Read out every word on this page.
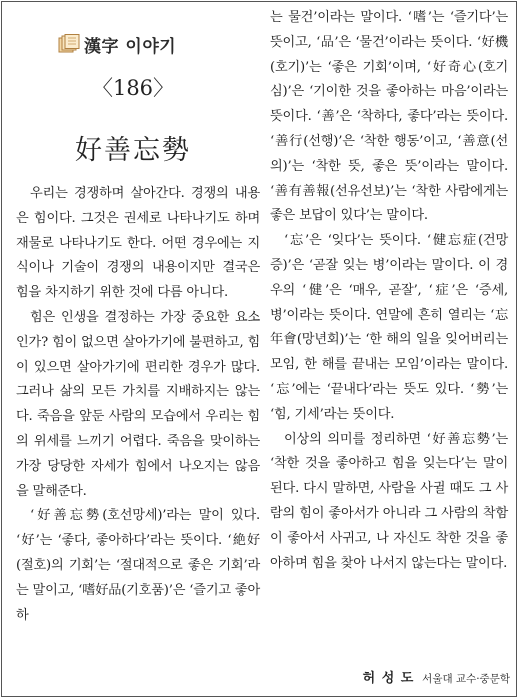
漢字 이야기
〈186〉
好善忘勢

우리는 경쟁하며 살아간다. 경쟁의 내용은 힘이다. 그것은 권세로 나타나기도 하며 재물로 나타나기도 한다. 어떤 경우에는 지식이나 기술이 경쟁의 내용이지만 결국은 힘을 차지하기 위한 것에 다름 아니다.

힘은 인생을 결정하는 가장 중요한 요소인가? 힘이 없으면 살아가기에 불편하고, 힘이 있으면 살아가기에 편리한 경우가 많다. 그러나 삶의 모든 가치를 지배하지는 않는다. 죽음을 앞둔 사람의 모습에서 우리는 힘의 위세를 느끼기 어렵다. 죽음을 맞이하는 가장 당당한 자세가 힘에서 나오지는 않음을 말해준다.

‘好善忘勢(호선망세)’라는 말이 있다. ‘好’는 ‘좋다, 좋아하다’라는 뜻이다. ‘絶好(절호)의 기회’는 ‘절대적으로 좋은 기회’라는 말이고, ‘嗜好品(기호품)’은 ‘즐기고 좋아하

는 물건’이라는 말이다. ‘嗜’는 ‘즐기다’는 뜻이고, ‘品’은 ‘물건’이라는 뜻이다. ‘好機(호기)’는 ‘좋은 기회’이며, ‘好奇心(호기심)’은 ‘기이한 것을 좋아하는 마음’이라는 뜻이다. ‘善’은 ‘착하다, 좋다’라는 뜻이다. ‘善行(선행)’은 ‘착한 행동’이고, ‘善意(선의)’는 ‘착한 뜻, 좋은 뜻’이라는 말이다. ‘善有善報(선유선보)’는 ‘착한 사람에게는 좋은 보답이 있다’는 말이다.

‘忘’은 ‘잊다’는 뜻이다. ‘健忘症(건망증)’은 ‘곧잘 잊는 병’이라는 말이다. 이 경우의 ‘健’은 ‘매우, 곧잘’, ‘症’은 ‘증세, 병’이라는 뜻이다. 연말에 흔히 열리는 ‘忘年會(망년회)’는 ‘한 해의 일을 잊어버리는 모임, 한 해를 끝내는 모임’이라는 말이다. ‘忘’에는 ‘끝내다’라는 뜻도 있다. ‘勢’는 ‘힘, 기세’라는 뜻이다.

이상의 의미를 정리하면 ‘好善忘勢’는 ‘착한 것을 좋아하고 힘을 잊는다’는 말이 된다. 다시 말하면, 사람을 사귈 때도 그 사람의 힘이 좋아서가 아니라 그 사람의 착함이 좋아서 사귀고, 나 자신도 착한 것을 좋아하며 힘을 찾아 나서지 않는다는 말이다.

허 성 도 서울대 교수·중문학
